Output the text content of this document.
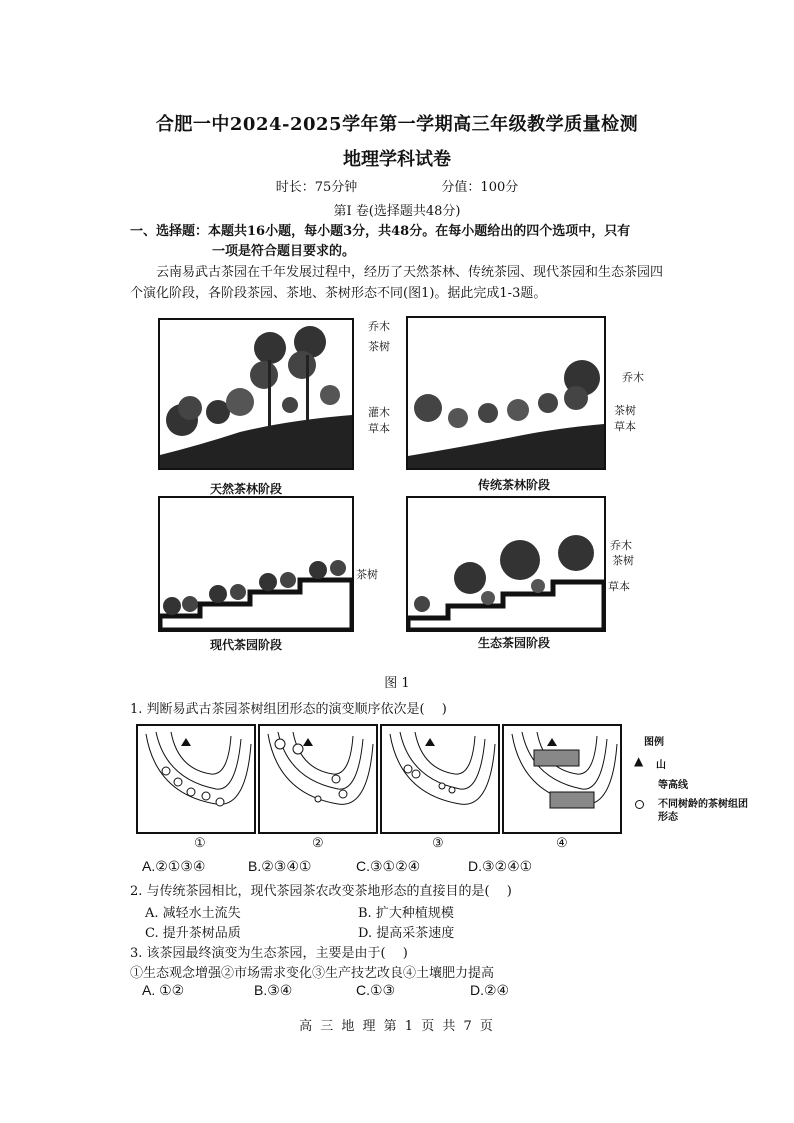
合肥一中2024-2025学年第一学期高三年级教学质量检测
地理学科试卷
时长：75分钟	分值：100分
第I 卷(选择题共48分)
一、选择题：本题共16小题，每小题3分，共48分。在每小题给出的四个选项中，只有
一项是符合题目要求的。
云南易武古茶园在千年发展过程中，经历了天然茶林、传统茶园、现代茶园和生态茶园四个演化阶段，各阶段茶园、茶地、茶树形态不同(图1)。据此完成1-3题。
天然茶林阶段
乔木
茶树
灌木
草本
传统茶林阶段
乔木
茶树
草本
现代茶园阶段
茶树
生态茶园阶段
乔木
茶树
草本
图 1
1. 判断易武古茶园茶树组团形态的演变顺序依次是(　 )
①	②	③	④
图例
▲ 山
等高线
不同树龄的茶树组团形态
A.②①③④	B.②③④①	C.③①②④	D.③②④①
2. 与传统茶园相比，现代茶园茶农改变茶地形态的直接目的是(　 )
A. 减轻水土流失	B. 扩大种植规模
C. 提升茶树品质	D. 提高采茶速度
3. 该茶园最终演变为生态茶园，主要是由于(　 )
①生态观念增强②市场需求变化③生产技艺改良④土壤肥力提高
A. ①②	B.③④	C.①③	D.②④
高 三 地 理 第 1 页 共 7 页
